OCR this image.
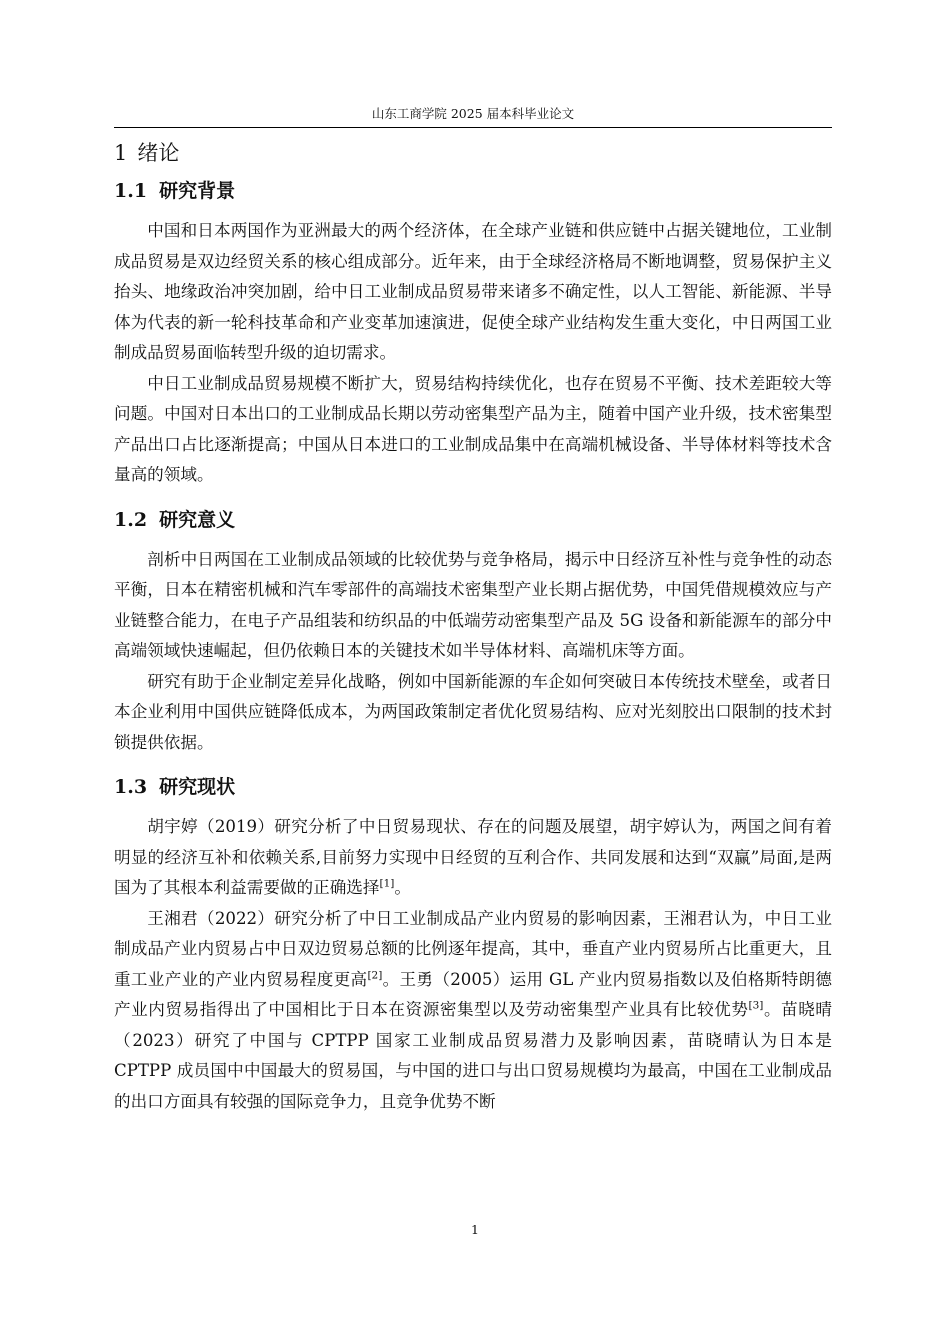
山东工商学院 2025 届本科毕业论文
1 绪论
1.1 研究背景

中国和日本两国作为亚洲最大的两个经济体，在全球产业链和供应链中占据关键地位，工业制成品贸易是双边经贸关系的核心组成部分。近年来，由于全球经济格局不断地调整，贸易保护主义抬头、地缘政治冲突加剧，给中日工业制成品贸易带来诸多不确定性，以人工智能、新能源、半导体为代表的新一轮科技革命和产业变革加速演进，促使全球产业结构发生重大变化，中日两国工业制成品贸易面临转型升级的迫切需求。

中日工业制成品贸易规模不断扩大，贸易结构持续优化，也存在贸易不平衡、技术差距较大等问题。中国对日本出口的工业制成品长期以劳动密集型产品为主，随着中国产业升级，技术密集型产品出口占比逐渐提高；中国从日本进口的工业制成品集中在高端机械设备、半导体材料等技术含量高的领域。

1.2 研究意义

剖析中日两国在工业制成品领域的比较优势与竞争格局，揭示中日经济互补性与竞争性的动态平衡，日本在精密机械和汽车零部件的高端技术密集型产业长期占据优势，中国凭借规模效应与产业链整合能力，在电子产品组装和纺织品的中低端劳动密集型产品及 5G 设备和新能源车的部分中高端领域快速崛起，但仍依赖日本的关键技术如半导体材料、高端机床等方面。

研究有助于企业制定差异化战略，例如中国新能源的车企如何突破日本传统技术壁垒，或者日本企业利用中国供应链降低成本，为两国政策制定者优化贸易结构、应对光刻胶出口限制的技术封锁提供依据。

1.3 研究现状

胡宇婷（2019）研究分析了中日贸易现状、存在的问题及展望，胡宇婷认为，两国之间有着明显的经济互补和依赖关系,目前努力实现中日经贸的互利合作、共同发展和达到“双赢”局面,是两国为了其根本利益需要做的正确选择[1]。

王湘君（2022）研究分析了中日工业制成品产业内贸易的影响因素，王湘君认为，中日工业制成品产业内贸易占中日双边贸易总额的比例逐年提高，其中，垂直产业内贸易所占比重更大，且重工业产业的产业内贸易程度更高[2]。王勇（2005）运用 GL 产业内贸易指数以及伯格斯特朗德产业内贸易指得出了中国相比于日本在资源密集型以及劳动密集型产业具有比较优势[3]。苗晓晴（2023）研究了中国与 CPTPP 国家工业制成品贸易潜力及影响因素，苗晓晴认为日本是 CPTPP 成员国中中国最大的贸易国，与中国的进口与出口贸易规模均为最高，中国在工业制成品的出口方面具有较强的国际竞争力，且竞争优势不断

1
